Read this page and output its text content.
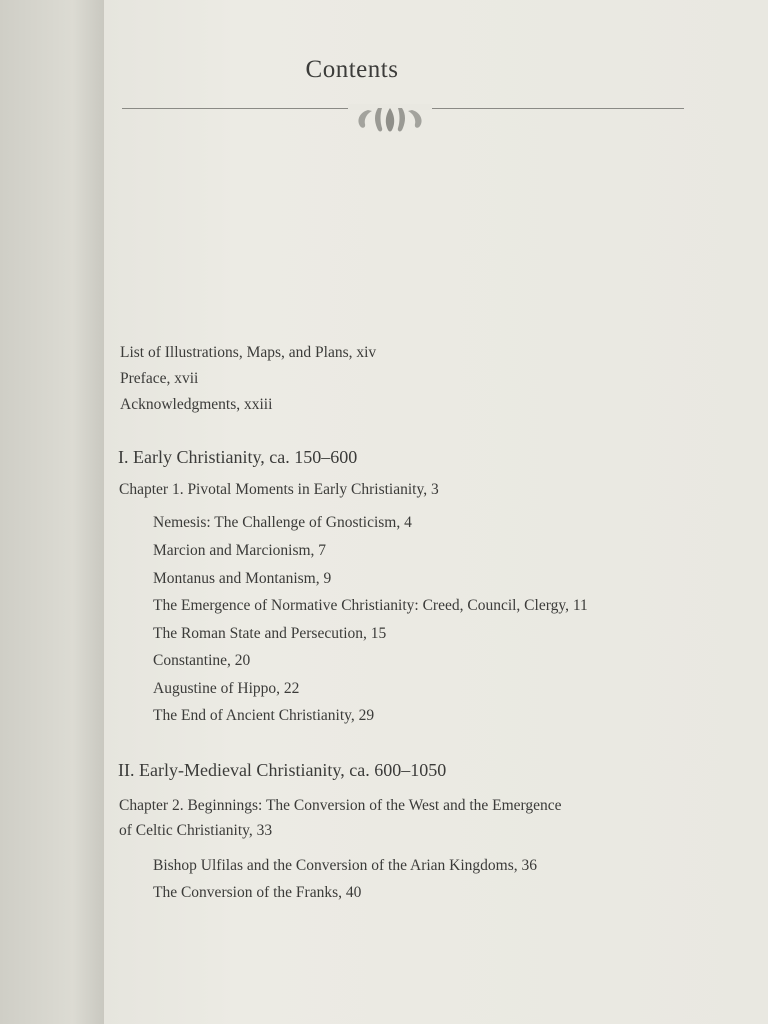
Contents
List of Illustrations, Maps, and Plans, xiv
Preface, xvii
Acknowledgments, xxiii
I. Early Christianity, ca. 150–600
Chapter 1. Pivotal Moments in Early Christianity, 3
Nemesis: The Challenge of Gnosticism, 4
Marcion and Marcionism, 7
Montanus and Montanism, 9
The Emergence of Normative Christianity: Creed, Council, Clergy, 11
The Roman State and Persecution, 15
Constantine, 20
Augustine of Hippo, 22
The End of Ancient Christianity, 29
II. Early-Medieval Christianity, ca. 600–1050
Chapter 2. Beginnings: The Conversion of the West and the Emergence
of Celtic Christianity, 33
Bishop Ulfilas and the Conversion of the Arian Kingdoms, 36
The Conversion of the Franks, 40
